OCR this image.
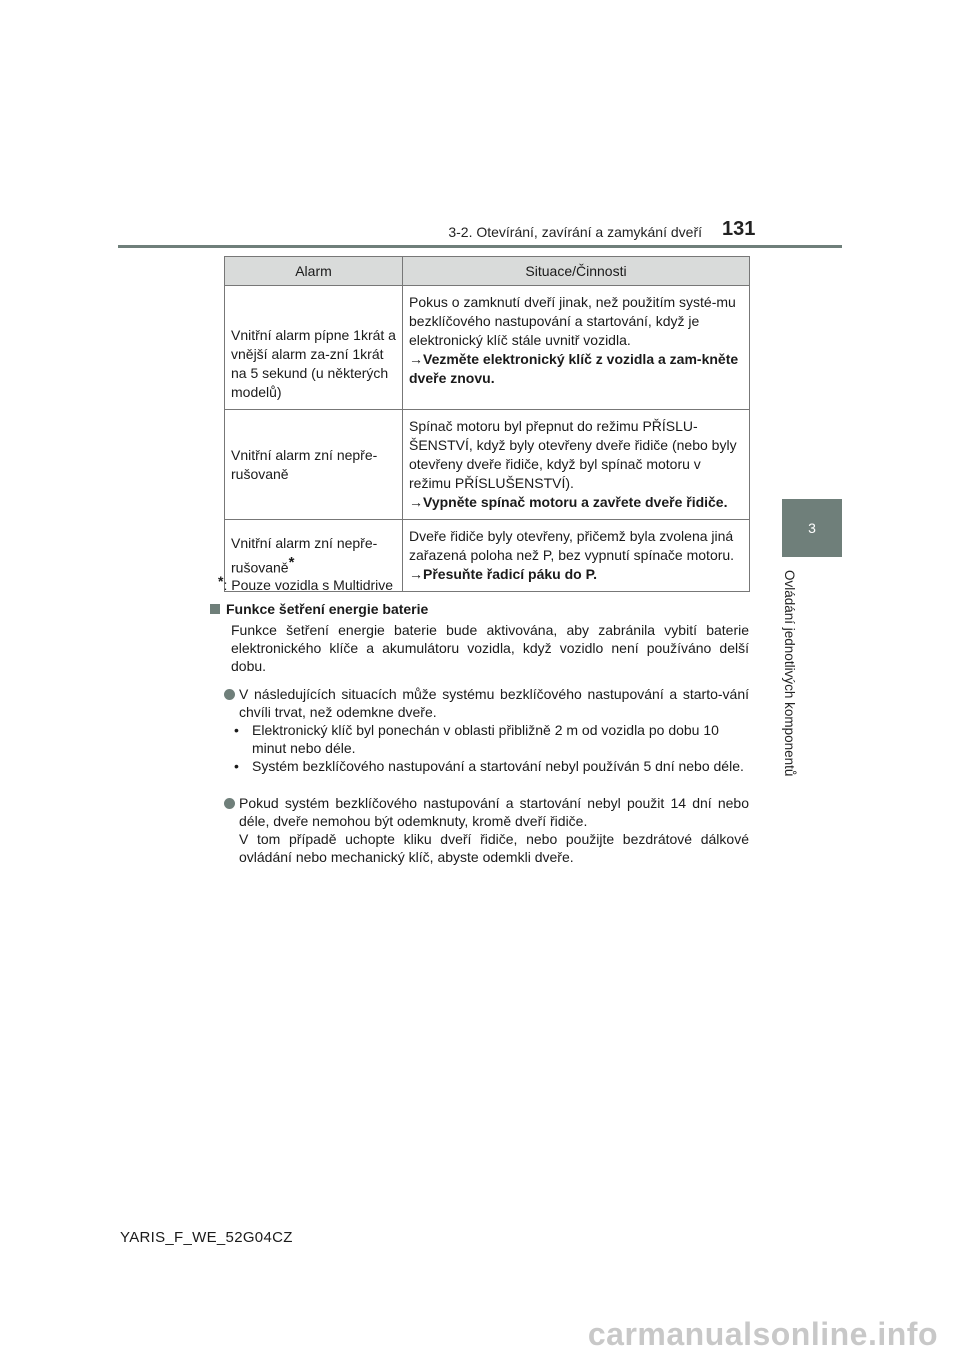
3-2. Otevírání, zavírání a zamykání dveří 131
3
Ovládání jednotlivých komponentů
Alarm	Situace/Činnosti
Vnitřní alarm pípne 1krát a vnější alarm za-zní 1krát na 5 sekund (u některých modelů)	Pokus o zamknutí dveří jinak, než použitím systé-mu bezklíčového nastupování a startování, když je elektronický klíč stále uvnitř vozidla.
→Vezměte elektronický klíč z vozidla a zam-kněte dveře znovu.

Vnitřní alarm zní nepře-rušovaně	Spínač motoru byl přepnut do režimu PŘÍSLU-ŠENSTVÍ, když byly otevřeny dveře řidiče (nebo byly otevřeny dveře řidiče, když byl spínač motoru v režimu PŘÍSLUŠENSTVÍ).
→Vypněte spínač motoru a zavřete dveře řidiče.

Vnitřní alarm zní nepře-rušovaně*	Dveře řidiče byly otevřeny, přičemž byla zvolena jiná zařazená poloha než P, bez vypnutí spínače motoru.
→Přesuňte řadicí páku do P.
*: Pouze vozidla s Multidrive
Funkce šetření energie baterie
Funkce šetření energie baterie bude aktivována, aby zabránila vybití baterie elektronického klíče a akumulátoru vozidla, když vozidlo není používáno delší dobu.
V následujících situacích může systému bezklíčového nastupování a starto-vání chvíli trvat, než odemkne dveře.
• Elektronický klíč byl ponechán v oblasti přibližně 2 m od vozidla po dobu 10 minut nebo déle.
• Systém bezklíčového nastupování a startování nebyl používán 5 dní nebo déle.
Pokud systém bezklíčového nastupování a startování nebyl použit 14 dní nebo déle, dveře nemohou být odemknuty, kromě dveří řidiče.
V tom případě uchopte kliku dveří řidiče, nebo použijte bezdrátové dálkové ovládání nebo mechanický klíč, abyste odemkli dveře.
YARIS_F_WE_52G04CZ
carmanualsonline.info
